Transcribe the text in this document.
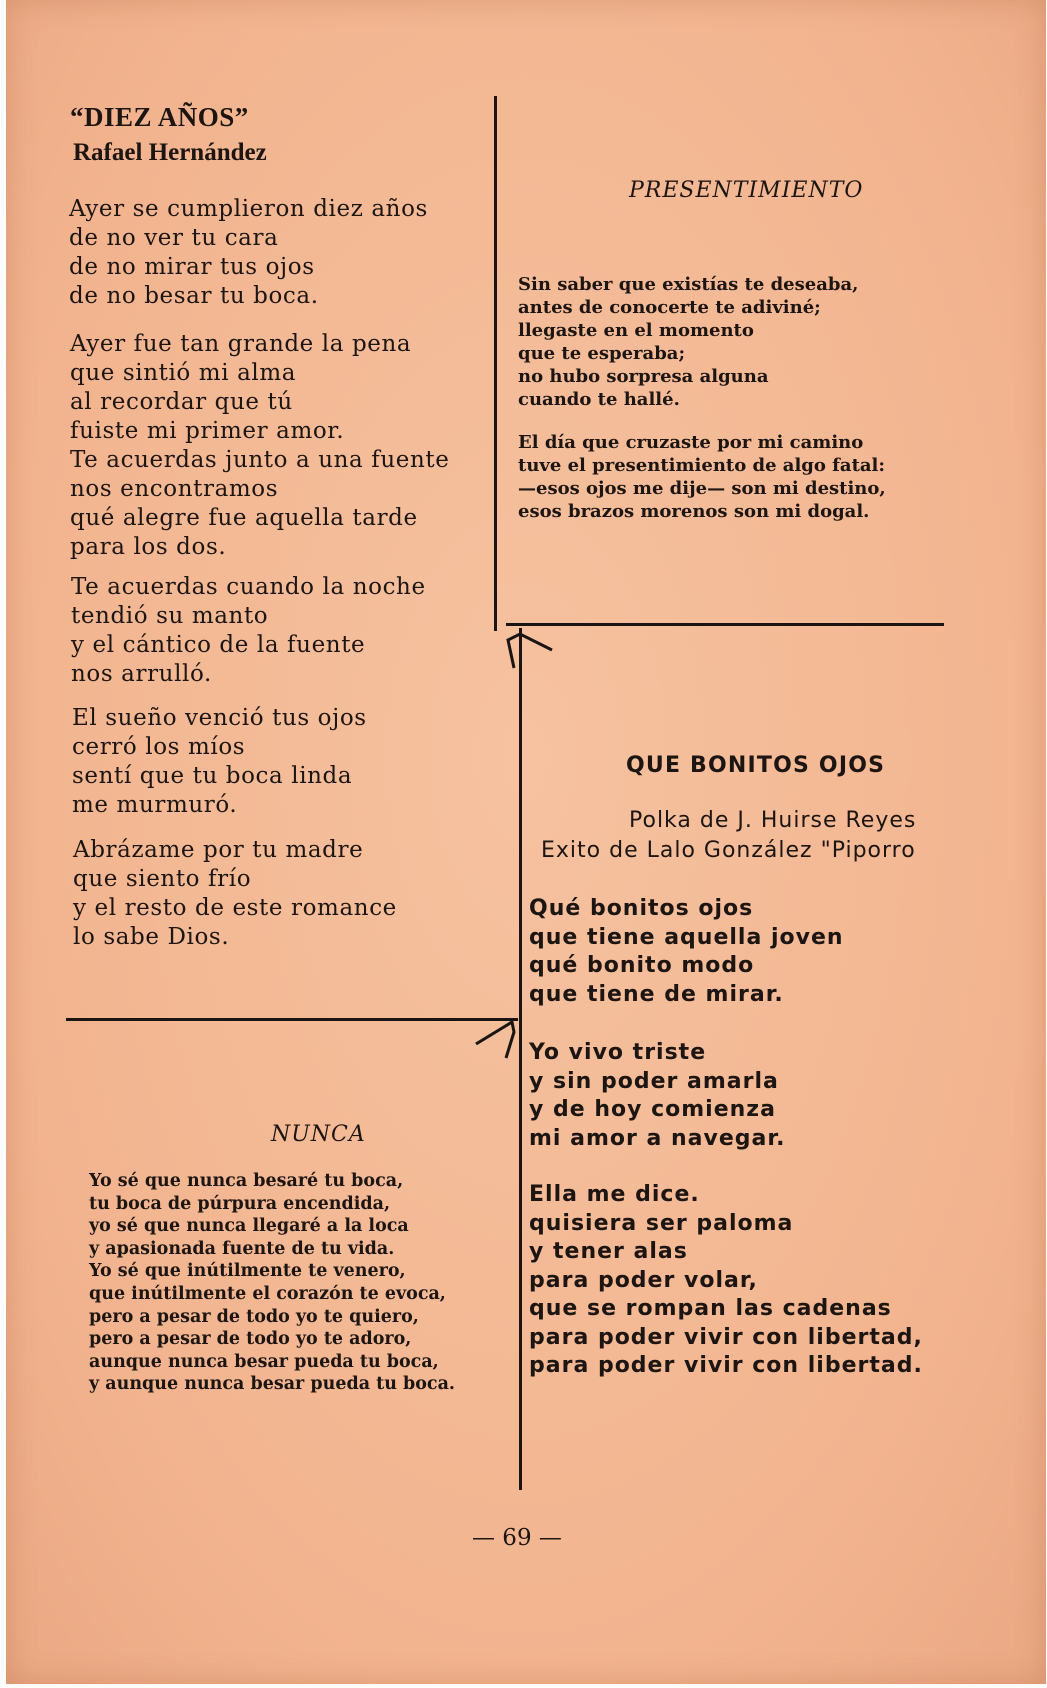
“DIEZ AÑOS”
Rafael Hernández
Ayer se cumplieron diez años
de no ver tu cara
de no mirar tus ojos
de no besar tu boca.
Ayer fue tan grande la pena
que sintió mi alma
al recordar que tú
fuiste mi primer amor.
Te acuerdas junto a una fuente
nos encontramos
qué alegre fue aquella tarde
para los dos.
Te acuerdas cuando la noche
tendió su manto
y el cántico de la fuente
nos arrulló.
El sueño venció tus ojos
cerró los míos
sentí que tu boca linda
me murmuró.
Abrázame por tu madre
que siento frío
y el resto de este romance
lo sabe Dios.
PRESENTIMIENTO
Sin saber que existías te deseaba,
antes de conocerte te adiviné;
llegaste en el momento
que te esperaba;
no hubo sorpresa alguna
cuando te hallé.
El día que cruzaste por mi camino
tuve el presentimiento de algo fatal:
—esos ojos me dije— son mi destino,
esos brazos morenos son mi dogal.
NUNCA
Yo sé que nunca besaré tu boca,
tu boca de púrpura encendida,
yo sé que nunca llegaré a la loca
y apasionada fuente de tu vida.
Yo sé que inútilmente te venero,
que inútilmente el corazón te evoca,
pero a pesar de todo yo te quiero,
pero a pesar de todo yo te adoro,
aunque nunca besar pueda tu boca,
y aunque nunca besar pueda tu boca.
QUE BONITOS OJOS
Polka de J. Huirse Reyes
Exito de Lalo González "Piporro
Qué bonitos ojos
que tiene aquella joven
qué bonito modo
que tiene de mirar.
Yo vivo triste
y sin poder amarla
y de hoy comienza
mi amor a navegar.
Ella me dice.
quisiera ser paloma
y tener alas
para poder volar,
que se rompan las cadenas
para poder vivir con libertad,
para poder vivir con libertad.
— 69 —
